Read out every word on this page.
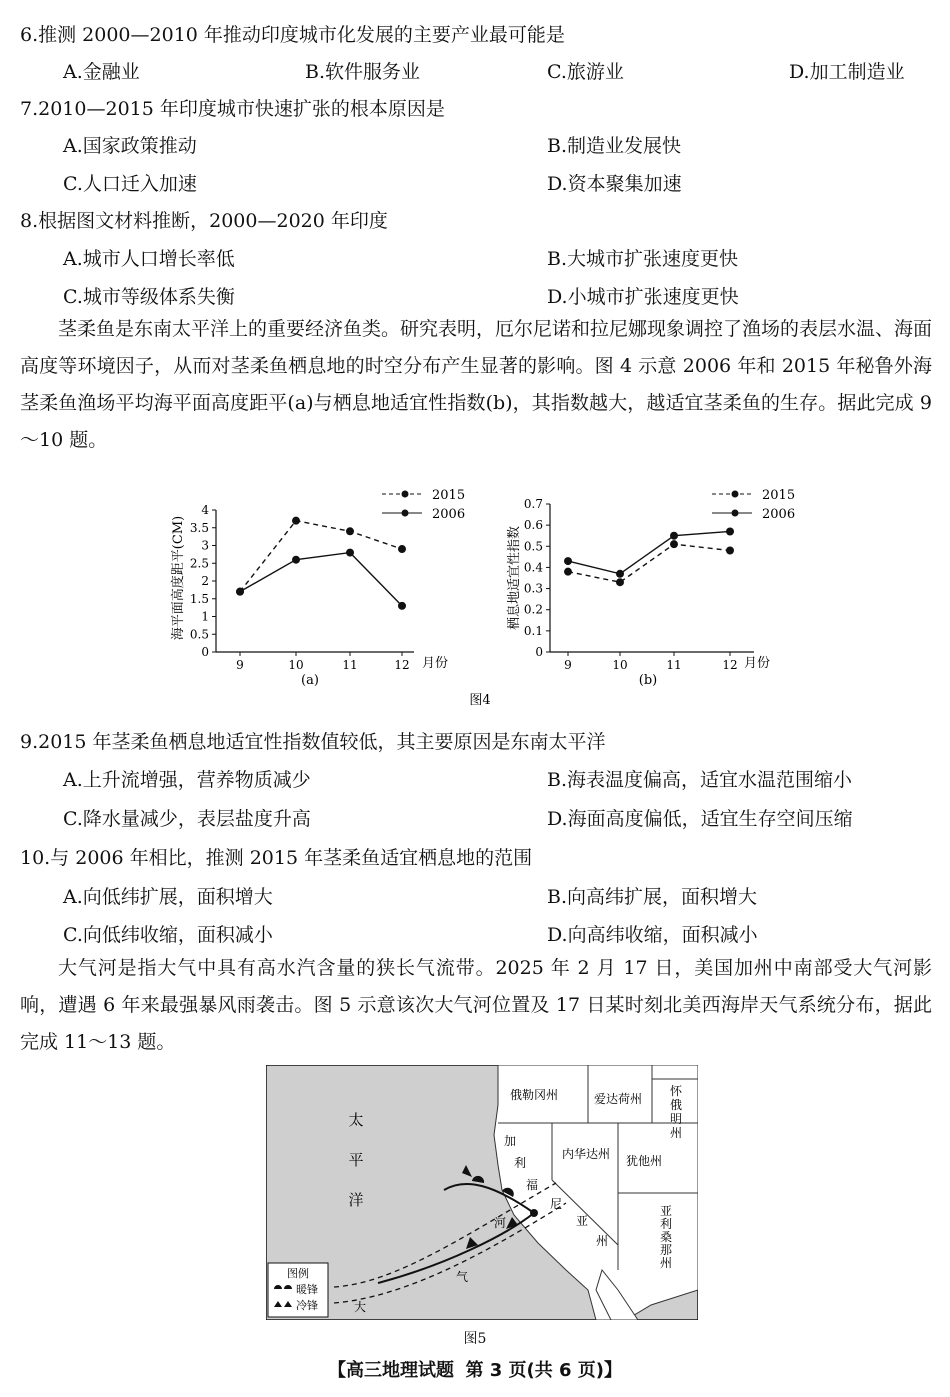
6.推测 2000—2010 年推动印度城市化发展的主要产业最可能是
A.金融业	B.软件服务业	C.旅游业	D.加工制造业
7.2010—2015 年印度城市快速扩张的根本原因是
A.国家政策推动	B.制造业发展快
C.人口迁入加速	D.资本聚集加速
8.根据图文材料推断，2000—2020 年印度
A.城市人口增长率低	B.大城市扩张速度更快
C.城市等级体系失衡	D.小城市扩张速度更快

茎柔鱼是东南太平洋上的重要经济鱼类。研究表明，厄尔尼诺和拉尼娜现象调控了渔场的表层水温、海面高度等环境因子，从而对茎柔鱼栖息地的时空分布产生显著的影响。图 4 示意 2006 年和 2015 年秘鲁外海茎柔鱼渔场平均海平面高度距平(a)与栖息地适宜性指数(b)，其指数越大，越适宜茎柔鱼的生存。据此完成 9～10 题。

海平面高度距平(CM)
0
0.5
1
1.5
2
2.5
3
3.5
4
9	10	11	12 月份
(a)
2015
2006
栖息地适宜性指数
0
0.1
0.2
0.3
0.4
0.5
0.6
0.7
9	10	11	12 月份
(b)
2015
2006
图4
9.2015 年茎柔鱼栖息地适宜性指数值较低，其主要原因是东南太平洋
A.上升流增强，营养物质减少	B.海表温度偏高，适宜水温范围缩小
C.降水量减少，表层盐度升高	D.海面高度偏低，适宜生存空间压缩
10.与 2006 年相比，推测 2015 年茎柔鱼适宜栖息地的范围
A.向低纬扩展，面积增大	B.向高纬扩展，面积增大
C.向低纬收缩，面积减小	D.向高纬收缩，面积减小

大气河是指大气中具有高水汽含量的狭长气流带。2025 年 2 月 17 日，美国加州中南部受大气河影响，遭遇 6 年来最强暴风雨袭击。图 5 示意该次大气河位置及 17 日某时刻北美西海岸天气系统分布，据此完成 11～13 题。

俄勒冈州	爱达荷州
内华达州 犹他州
怀
俄
明
州
亚
利
桑
那
州
加
利
福
尼
亚
州
太
平
洋
大
气
河
图例
暖锋
冷锋
图5
【高三地理试题 第 3 页(共 6 页)】
